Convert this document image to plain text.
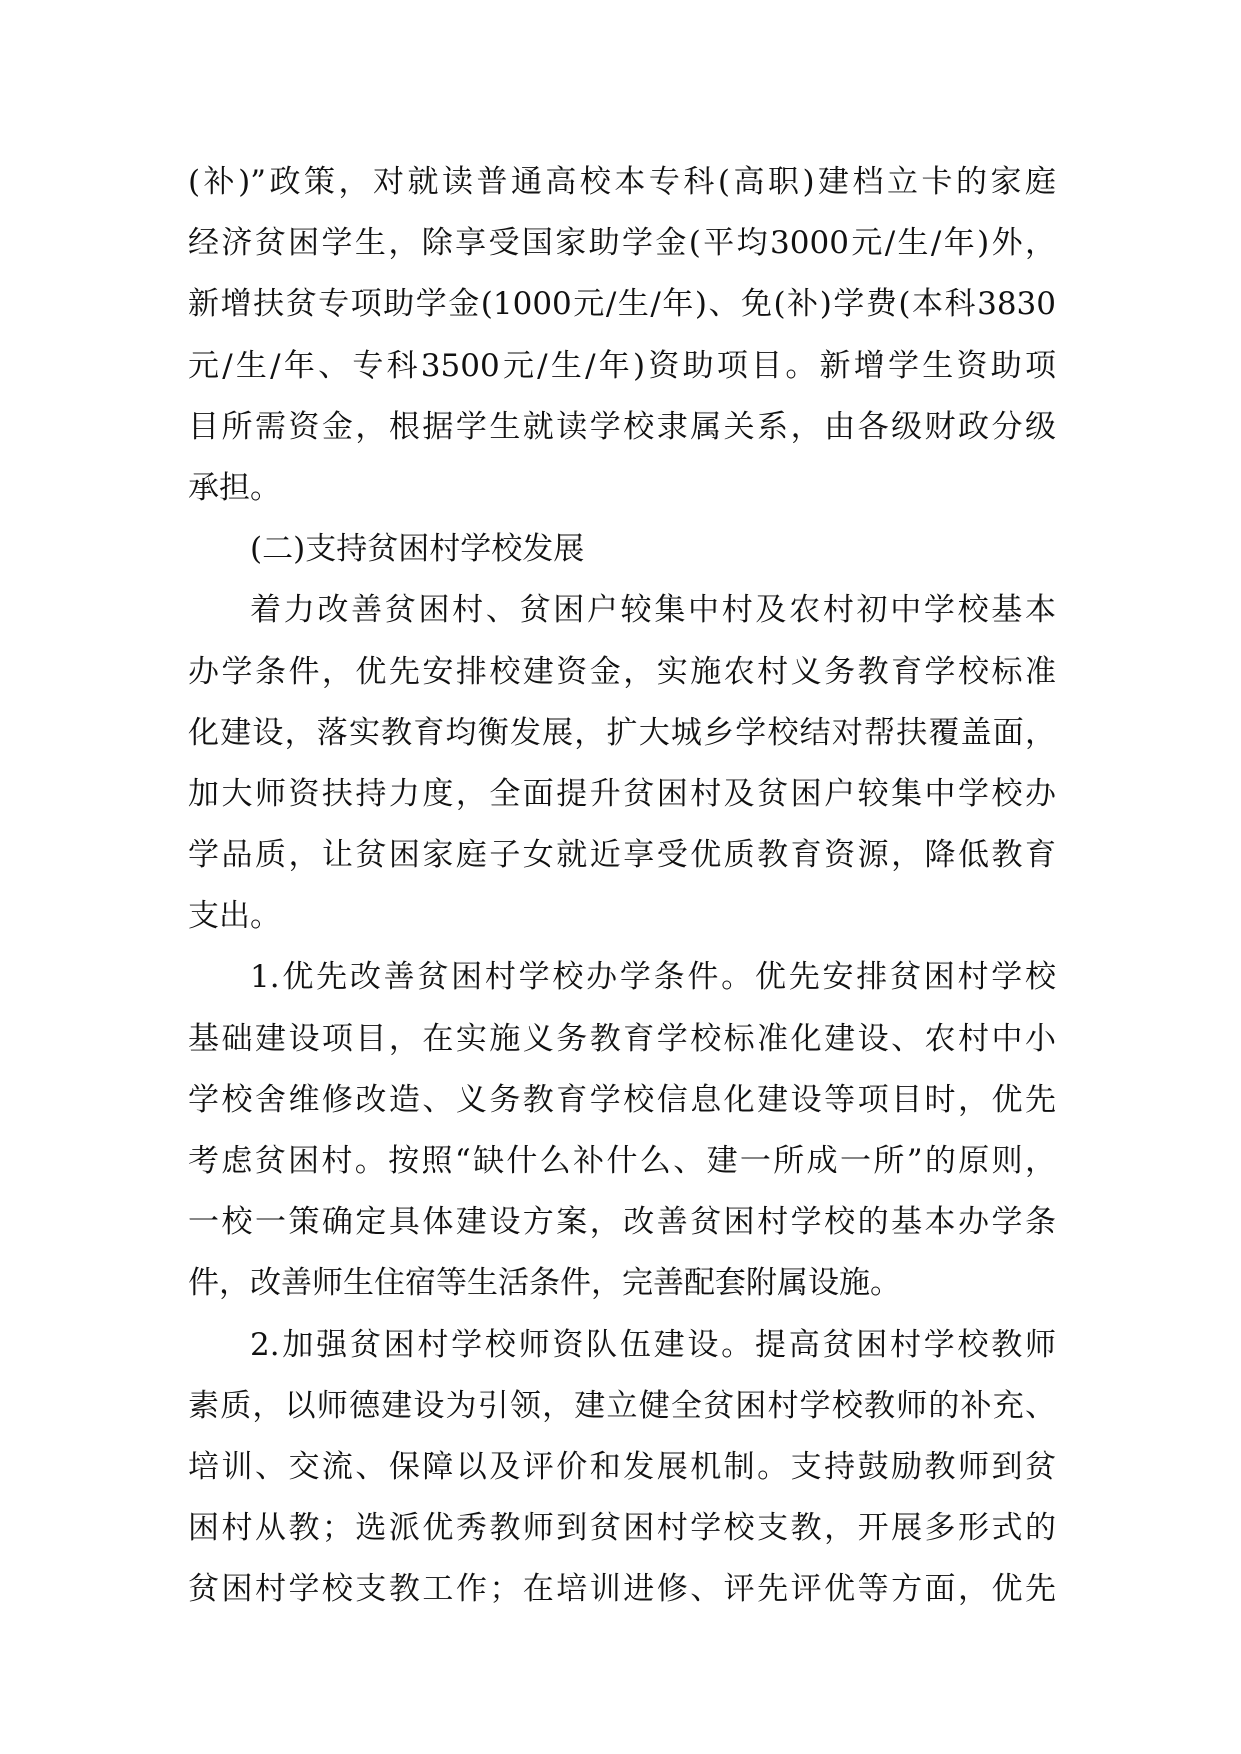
(补)”政策，对就读普通高校本专科(高职)建档立卡的家庭
经济贫困学生，除享受国家助学金(平均3000元/生/年)外，
新增扶贫专项助学金(1000元/生/年)、免(补)学费(本科3830
元/生/年、专科3500元/生/年)资助项目。新增学生资助项
目所需资金，根据学生就读学校隶属关系，由各级财政分级
承担。
(二)支持贫困村学校发展
着力改善贫困村、贫困户较集中村及农村初中学校基本
办学条件，优先安排校建资金，实施农村义务教育学校标准
化建设，落实教育均衡发展，扩大城乡学校结对帮扶覆盖面，
加大师资扶持力度，全面提升贫困村及贫困户较集中学校办
学品质，让贫困家庭子女就近享受优质教育资源，降低教育
支出。
1.优先改善贫困村学校办学条件。优先安排贫困村学校
基础建设项目，在实施义务教育学校标准化建设、农村中小
学校舍维修改造、义务教育学校信息化建设等项目时，优先
考虑贫困村。按照“缺什么补什么、建一所成一所”的原则，
一校一策确定具体建设方案，改善贫困村学校的基本办学条
件，改善师生住宿等生活条件，完善配套附属设施。
2.加强贫困村学校师资队伍建设。提高贫困村学校教师
素质，以师德建设为引领，建立健全贫困村学校教师的补充、
培训、交流、保障以及评价和发展机制。支持鼓励教师到贫
困村从教；选派优秀教师到贫困村学校支教，开展多形式的
贫困村学校支教工作；在培训进修、评先评优等方面，优先
